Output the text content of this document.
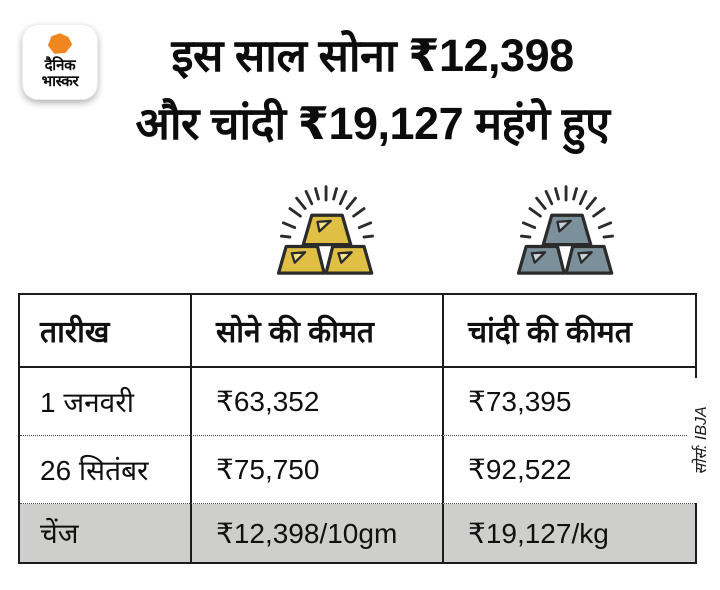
दैनिक
भास्कर	इस साल सोना ₹12,398
और चांदी ₹19,127 महंगे हुए
तारीख	सोने की कीमत	चांदी की कीमत
1 जनवरी	₹63,352	₹73,395
26 सितंबर	₹75,750	₹92,522
चेंज	₹12,398/10gm	₹19,127/kg
सोर्स: IBJA
